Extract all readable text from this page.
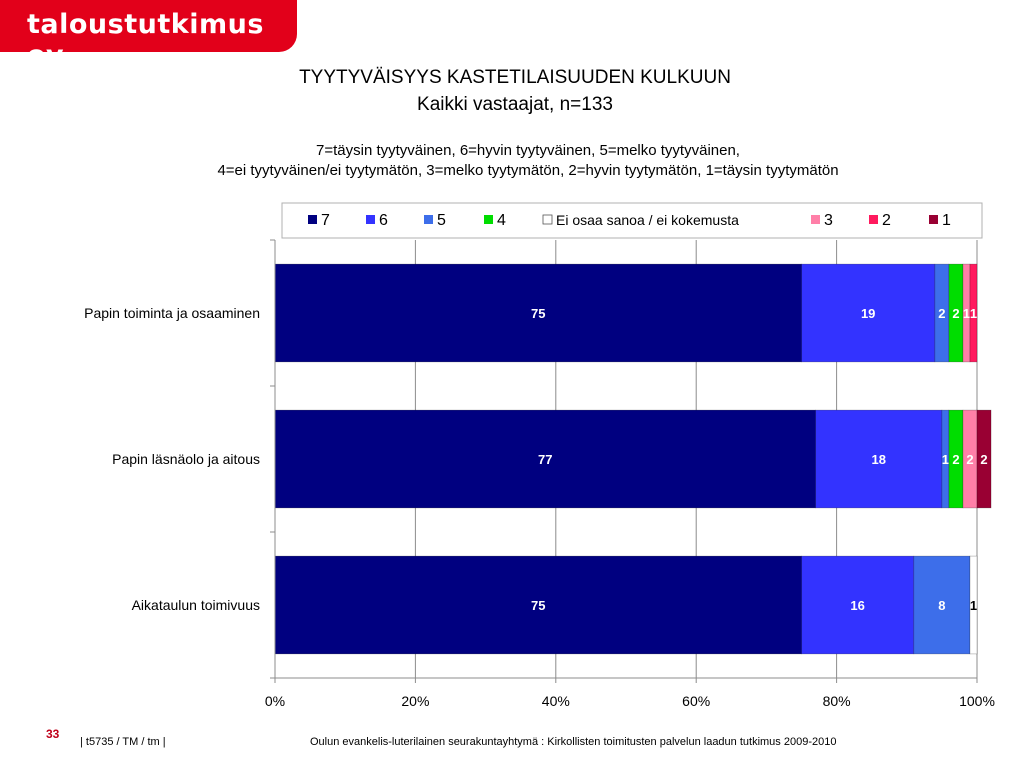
taloustutkimus oy
TYYTYVÄISYYS KASTETILAISUUDEN KULKUUN
Kaikki vastaajat, n=133
7=täysin tyytyväinen, 6=hyvin tyytyväinen, 5=melko tyytyväinen,
4=ei tyytyväinen/ei tyytymätön, 3=melko tyytymätön, 2=hyvin tyytymätön, 1=täysin tyytymätön
7	6	5	4	Ei osaa sanoa / ei kokemusta	3	2	1
0%	20%	40%	60%	80%	100%
Papin toiminta ja osaaminen	75	19	2 2 1 1
Papin läsnäolo ja aitous	77	18	1 2 2 2
Aikataulun toimivuus	75	16	8 1
33
| t5735 / TM / tm |	Oulun evankelis-luterilainen seurakuntayhtymä : Kirkollisten toimitusten palvelun laadun tutkimus 2009-2010
